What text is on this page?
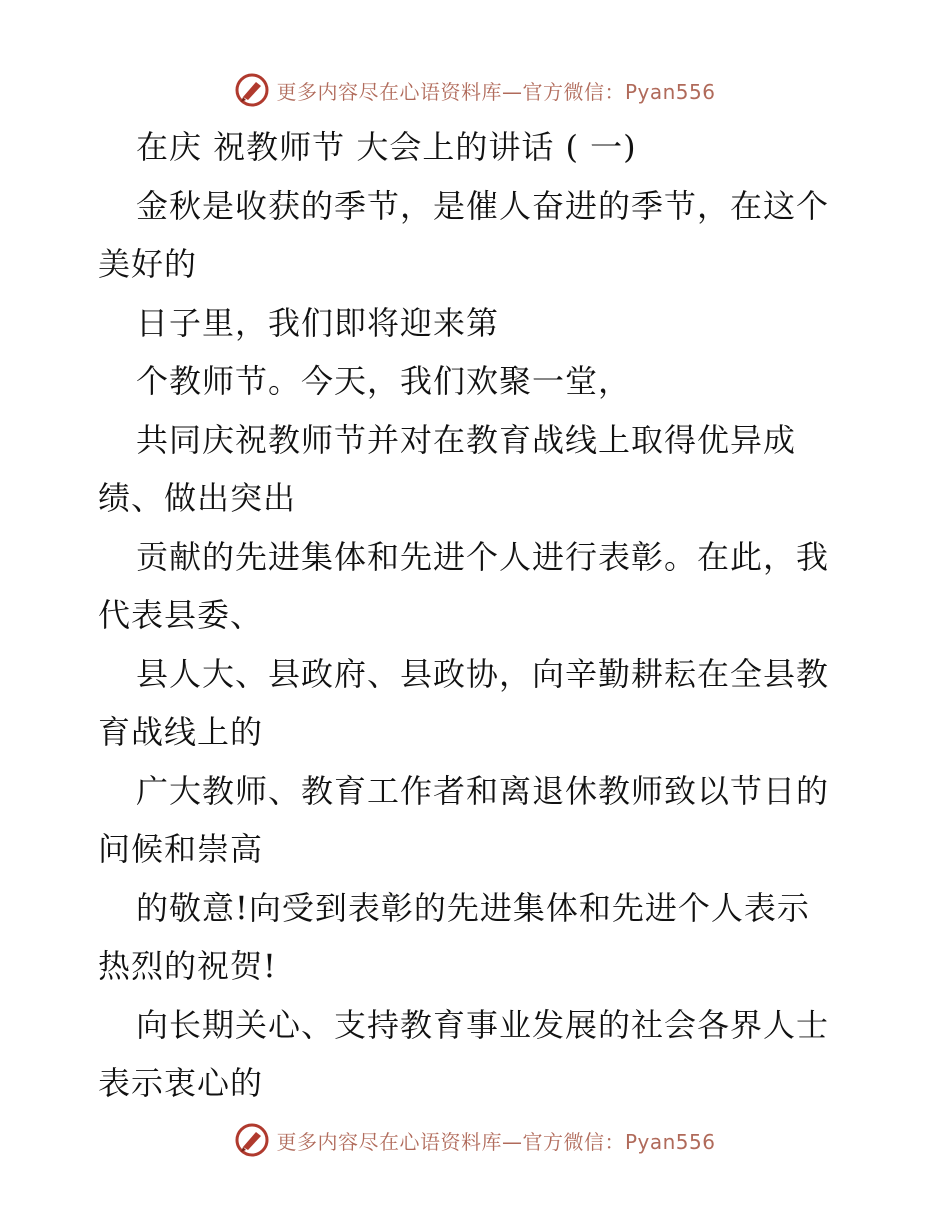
更多内容尽在心语资料库—官方微信：Pyan556
在庆 祝教师节 大会上的讲话 ( 一)
金秋是收获的季节，是催人奋进的季节，在这个
美好的
日子里，我们即将迎来第
个教师节。今天，我们欢聚一堂，
共同庆祝教师节并对在教育战线上取得优异成
绩、做出突出
贡献的先进集体和先进个人进行表彰。在此，我
代表县委、
县人大、县政府、县政协，向辛勤耕耘在全县教
育战线上的
广大教师、教育工作者和离退休教师致以节日的
问候和崇高
的敬意!向受到表彰的先进集体和先进个人表示
热烈的祝贺!
向长期关心、支持教育事业发展的社会各界人士
表示衷心的
更多内容尽在心语资料库—官方微信：Pyan556
